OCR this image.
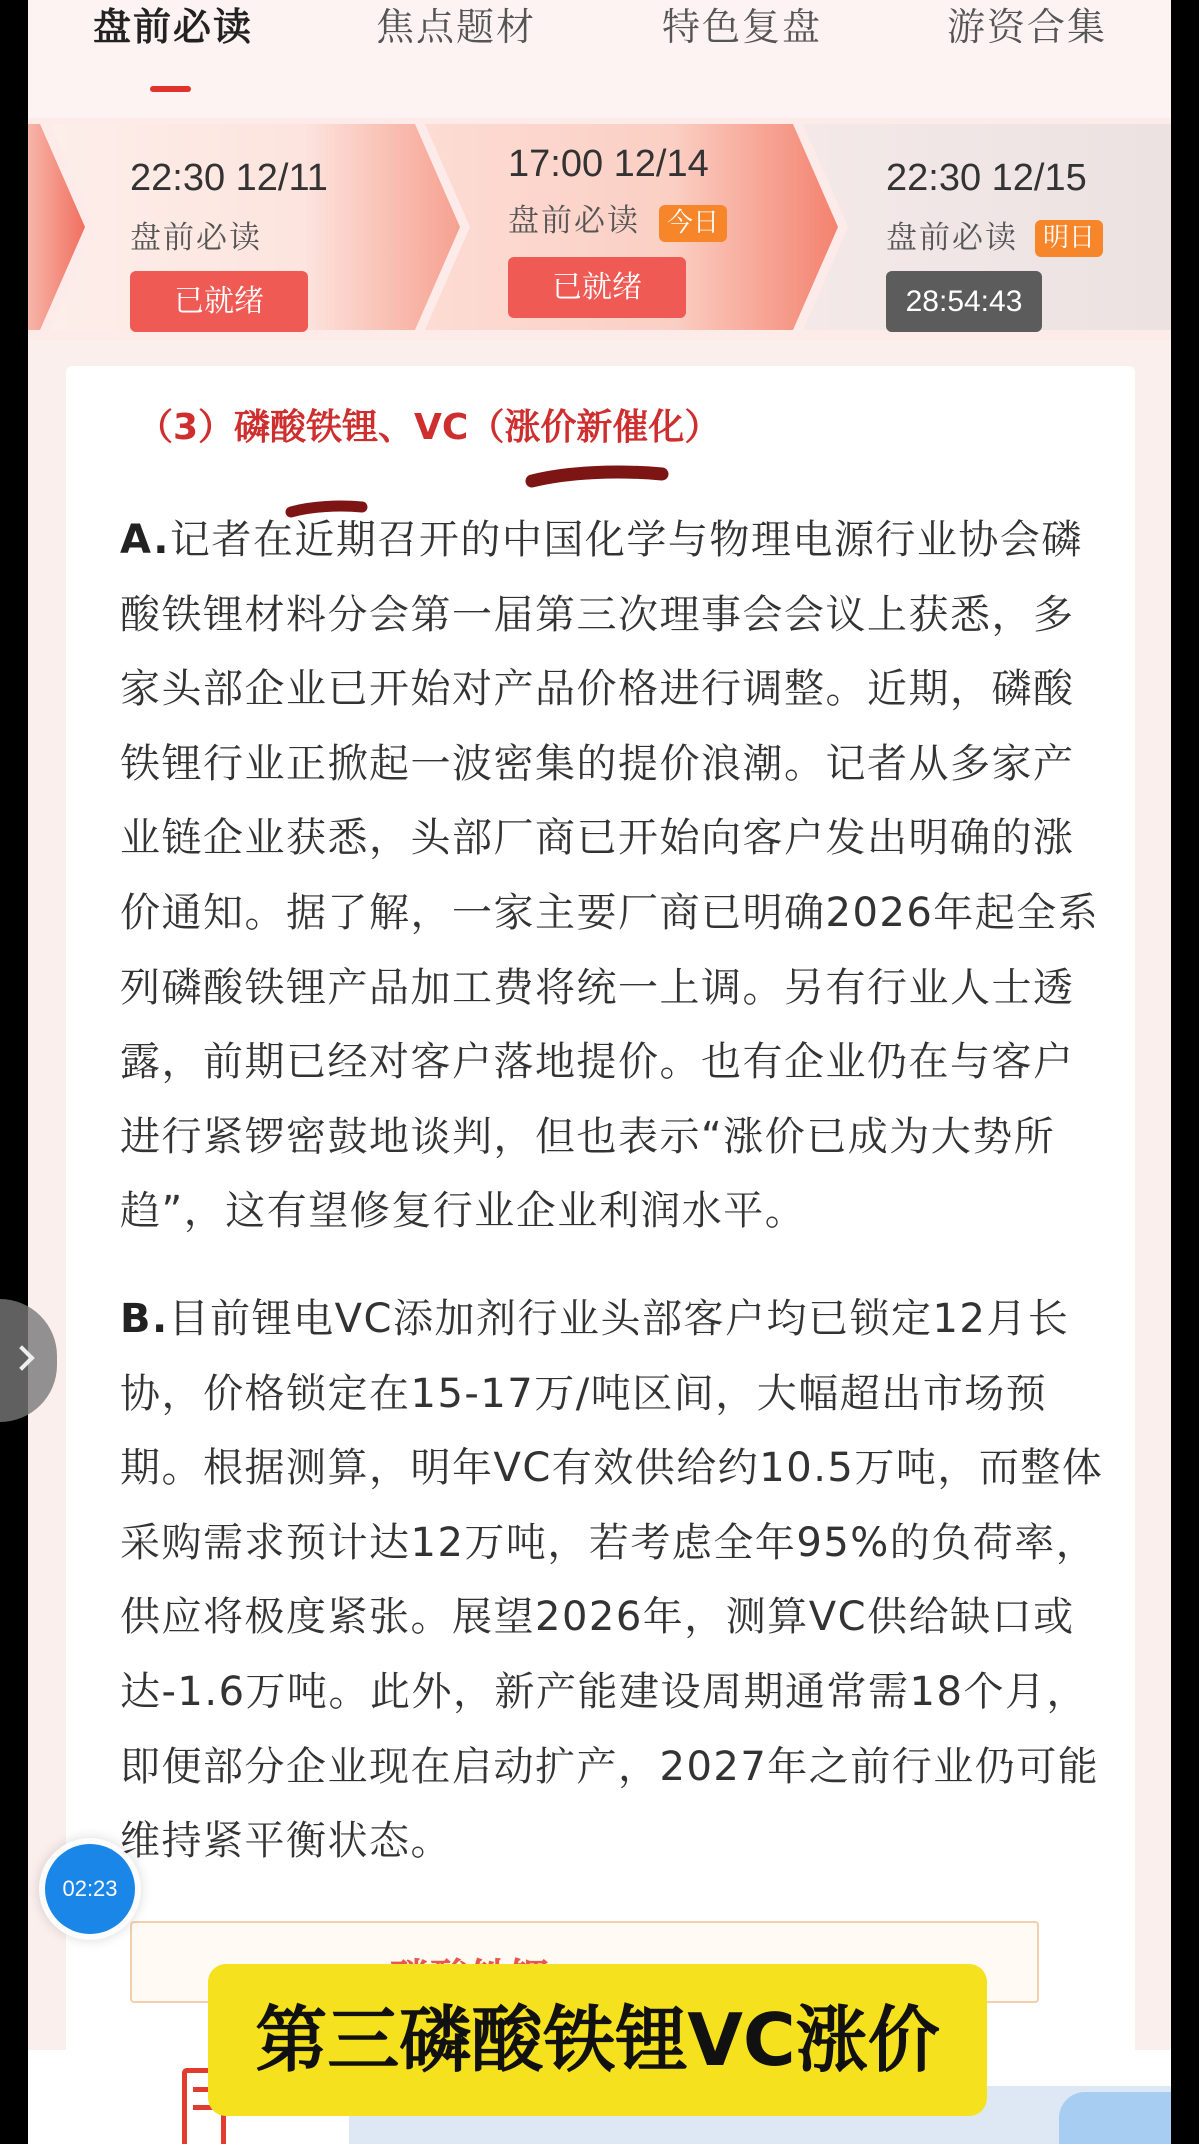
盘前必读	焦点题材	特色复盘	游资合集
22:30 12/11
盘前必读
已就绪
17:00 12/14
盘前必读	今日
已就绪
22:30 12/15
盘前必读 明日
28:54:43
（3）磷酸铁锂、VC（涨价新催化）
A.记者在近期召开的中国化学与物理电源行业协会磷
酸铁锂材料分会第一届第三次理事会会议上获悉，多
家头部企业已开始对产品价格进行调整。近期，磷酸
铁锂行业正掀起一波密集的提价浪潮。记者从多家产
业链企业获悉，头部厂商已开始向客户发出明确的涨
价通知。据了解，一家主要厂商已明确2026年起全系
列磷酸铁锂产品加工费将统一上调。另有行业人士透
露，前期已经对客户落地提价。也有企业仍在与客户
进行紧锣密鼓地谈判，但也表示“涨价已成为大势所
趋”，这有望修复行业企业利润水平。
B.目前锂电VC添加剂行业头部客户均已锁定12月长
协，价格锁定在15-17万/吨区间，大幅超出市场预
期。根据测算，明年VC有效供给约10.5万吨，而整体
采购需求预计达12万吨，若考虑全年95%的负荷率，
供应将极度紧张。展望2026年，测算VC供给缺口或
达-1.6万吨。此外，新产能建设周期通常需18个月，
即便部分企业现在启动扩产，2027年之前行业仍可能
维持紧平衡状态。
02:23
第三磷酸铁锂VC涨价
